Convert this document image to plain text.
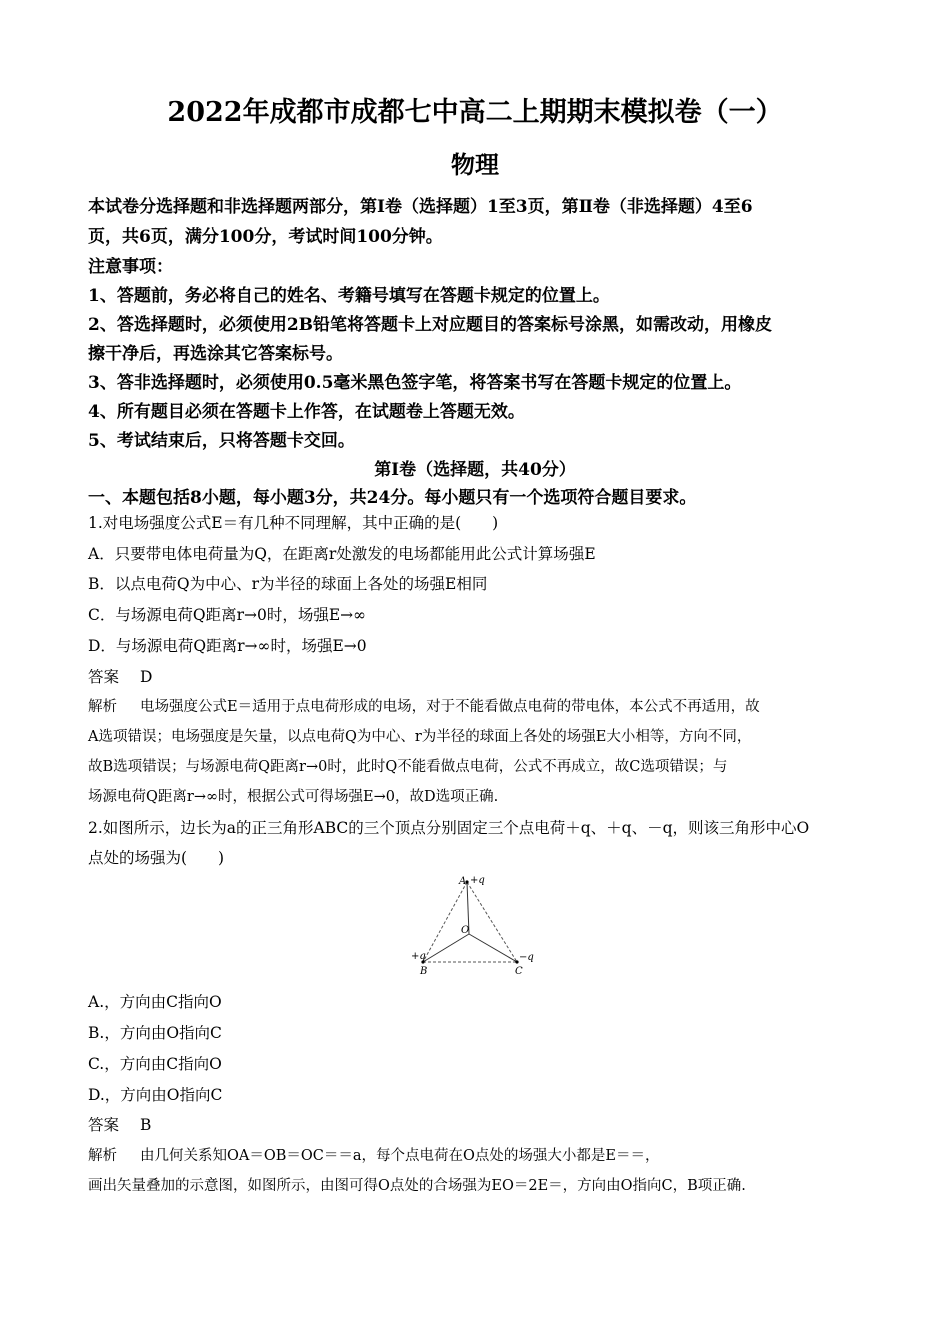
2022年成都市成都七中高二上期期末模拟卷（一）
物理
本试卷分选择题和非选择题两部分，第Ⅰ卷（选择题）1至3页，第Ⅱ卷（非选择题）4至6
页，共6页，满分100分，考试时间100分钟。
注意事项：
1、答题前，务必将自己的姓名、考籍号填写在答题卡规定的位置上。
2、答选择题时，必须使用2B铅笔将答题卡上对应题目的答案标号涂黑，如需改动，用橡皮
擦干净后，再选涂其它答案标号。
3、答非选择题时，必须使用0.5毫米黑色签字笔，将答案书写在答题卡规定的位置上。
4、所有题目必须在答题卡上作答，在试题卷上答题无效。
5、考试结束后，只将答题卡交回。
第Ⅰ卷（选择题，共40分）
一、本题包括8小题，每小题3分，共24分。每小题只有一个选项符合题目要求。
1.对电场强度公式E＝有几种不同理解，其中正确的是(　　)
A．只要带电体电荷量为Q，在距离r处激发的电场都能用此公式计算场强E
B．以点电荷Q为中心、r为半径的球面上各处的场强E相同
C．与场源电荷Q距离r→0时，场强E→∞
D．与场源电荷Q距离r→∞时，场强E→0
答案 D
解析 电场强度公式E＝适用于点电荷形成的电场，对于不能看做点电荷的带电体，本公式不再适用，故
A选项错误；电场强度是矢量，以点电荷Q为中心、r为半径的球面上各处的场强E大小相等，方向不同，
故B选项错误；与场源电荷Q距离r→0时，此时Q不能看做点电荷，公式不再成立，故C选项错误；与
场源电荷Q距离r→∞时，根据公式可得场强E→0，故D选项正确.
2.如图所示，边长为a的正三角形ABC的三个顶点分别固定三个点电荷＋q、＋q、－q，则该三角形中心O
点处的场强为(　　)
A +q
O
+q
B
−q
C
A.，方向由C指向O
B.，方向由O指向C
C.，方向由C指向O
D.，方向由O指向C
答案 B
解析 由几何关系知OA＝OB＝OC＝＝a，每个点电荷在O点处的场强大小都是E＝＝，
画出矢量叠加的示意图，如图所示，由图可得O点处的合场强为EO＝2E＝，方向由O指向C，B项正确.
